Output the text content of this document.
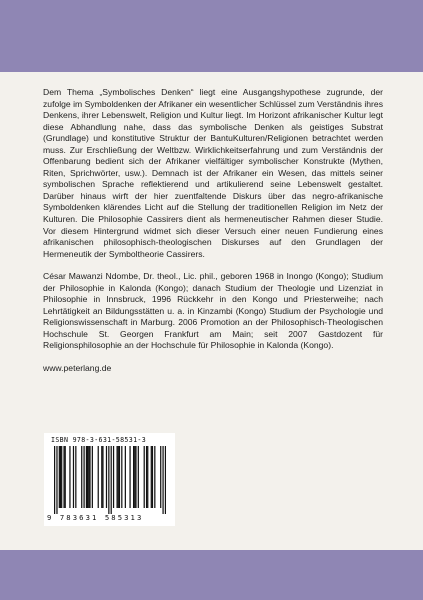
Dem Thema „Symbolisches Denken“ liegt eine Ausgangshypothese zugrunde, der zufolge im Symboldenken der Afrikaner ein wesentlicher Schlüssel zum Verständnis ihres Denkens, ihrer Lebenswelt, Religion und Kultur liegt. Im Horizont afrikanischer Kultur legt diese Abhandlung nahe, dass das symbolische Denken als geistiges Substrat (Grundlage) und konstitutive Struktur der BantuKulturen/Religionen betrachtet werden muss. Zur Erschließung der Weltbzw. Wirklichkeitserfahrung und zum Verständnis der Offenbarung bedient sich der Afrikaner vielfältiger symbolischer Konstrukte (Mythen, Riten, Sprichwörter, usw.). Demnach ist der Afrikaner ein Wesen, das mittels seiner symbolischen Sprache reflektierend und artikulierend seine Lebenswelt gestaltet. Darüber hinaus wirft der hier zuentfaltende Diskurs über das negro-afrikanische Symboldenken klärendes Licht auf die Stellung der traditionellen Religion im Netz der Kulturen. Die Philosophie Cassirers dient als hermeneutischer Rahmen dieser Studie. Vor diesem Hintergrund widmet sich dieser Versuch einer neuen Fundierung eines afrikanischen philosophisch-theologischen Diskurses auf den Grundlagen der Hermeneutik der Symboltheorie Cassirers.

César Mawanzi Ndombe, Dr. theol., Lic. phil., geboren 1968 in Inongo (Kongo); Studium der Philosophie in Kalonda (Kongo); danach Studium der Theologie und Lizenziat in Philosophie in Innsbruck, 1996 Rückkehr in den Kongo und Priesterweihe; nach Lehrtätigkeit an Bildungsstätten u. a. in Kinzambi (Kongo) Studium der Psychologie und Religionswissenschaft in Marburg. 2006 Promotion an der Philosophisch-Theologischen Hochschule St. Georgen Frankfurt am Main; seit 2007 Gastdozent für Religionsphilosophie an der Hochschule für Philosophie in Kalonda (Kongo).

www.peterlang.de

ISBN 978-3-631-58531-3
9 783631 585313
